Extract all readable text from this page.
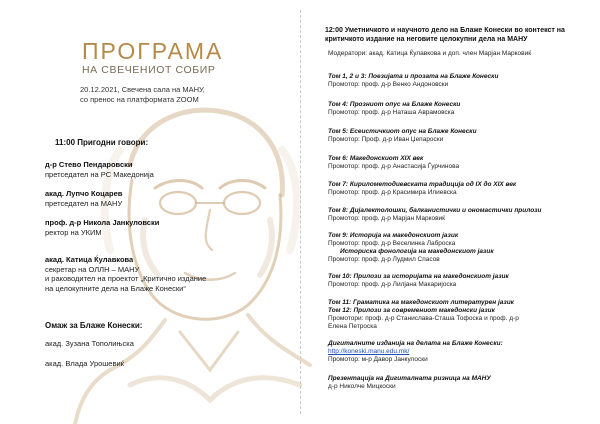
ПРОГРАМА
НА СВЕЧЕНИОТ СОБИР
20.12.2021, Свечена сала на МАНУ,
со пренос на платформата ZOOM
11:00 Пригодни говори:
д-р Стево Пендаровски
претседател на РС Македонија
акад. Лупчо Коцарев
претседател на МАНУ
проф. д-р Никола Јанкуловски
ректор на УКИМ
акад. Катица Ќулавкова
секретар на ОЛЛН – МАНУ
и раководител на проектот „Критично издание
на целокупните дела на Блаже Конески“
Омаж за Блаже Конески:
акад. Зузана Тополињска
акад. Влада Урошевиќ
12:00 Уметничкото и научното дело на Блаже Конески во контекст на критичкото издание на неговите целокупни дела на МАНУ
Модератори: акад. Катица Ќулавкова и доп. член Марјан Марковиќ
Том 1, 2 и 3: Поезијата и прозата на Блаже Конески
Промотор: проф. д-р Венко Андоновски
Том 4: Прозниот опус на Блаже Конески
Промотор: проф. д-р Наташа Аврамовска
Том 5: Есеистичкиот опус на Блаже Конески
Промотор: Проф. д-р Иван Џепароски
Том 6: Македонскиот XIX век
Промотор: проф. д-р Анастасија Ѓурчинова
Том 7: Кирилометодиевската традиција од IX до XIX век
Промотор: проф. д-р Красимира Илиевска
Том 8: Дијалектолошки, балканистички и ономастички прилози
Промотор: проф. д-р Марјан Марковиќ
Том 9: Историја на македонскиот јазик
Промотор: проф. д-р Веселинка Лаброска
Историска фонологија на македонскиот јазик
Промотор: проф. д-р Лудмил Спасов
Том 10: Прилози за историјата на македонскиот јазик
Промотор: проф. д-р Лилјана Макаријоска
Том 11: Граматика на македонскиот литературен јазик
Том 12: Прилози за современиот македонски јазик
Промотори: проф. д-р Станислава-Сташа Тофоска и проф. д-р
Елена Петроска
Дигиталните изданија на делата на Блаже Конески:
http://koneski.manu.edu.mk/
Промотор: м-р Давор Јанкулоски
Презентација на Дигиталната ризница на МАНУ
д-р Николче Мицкоски
